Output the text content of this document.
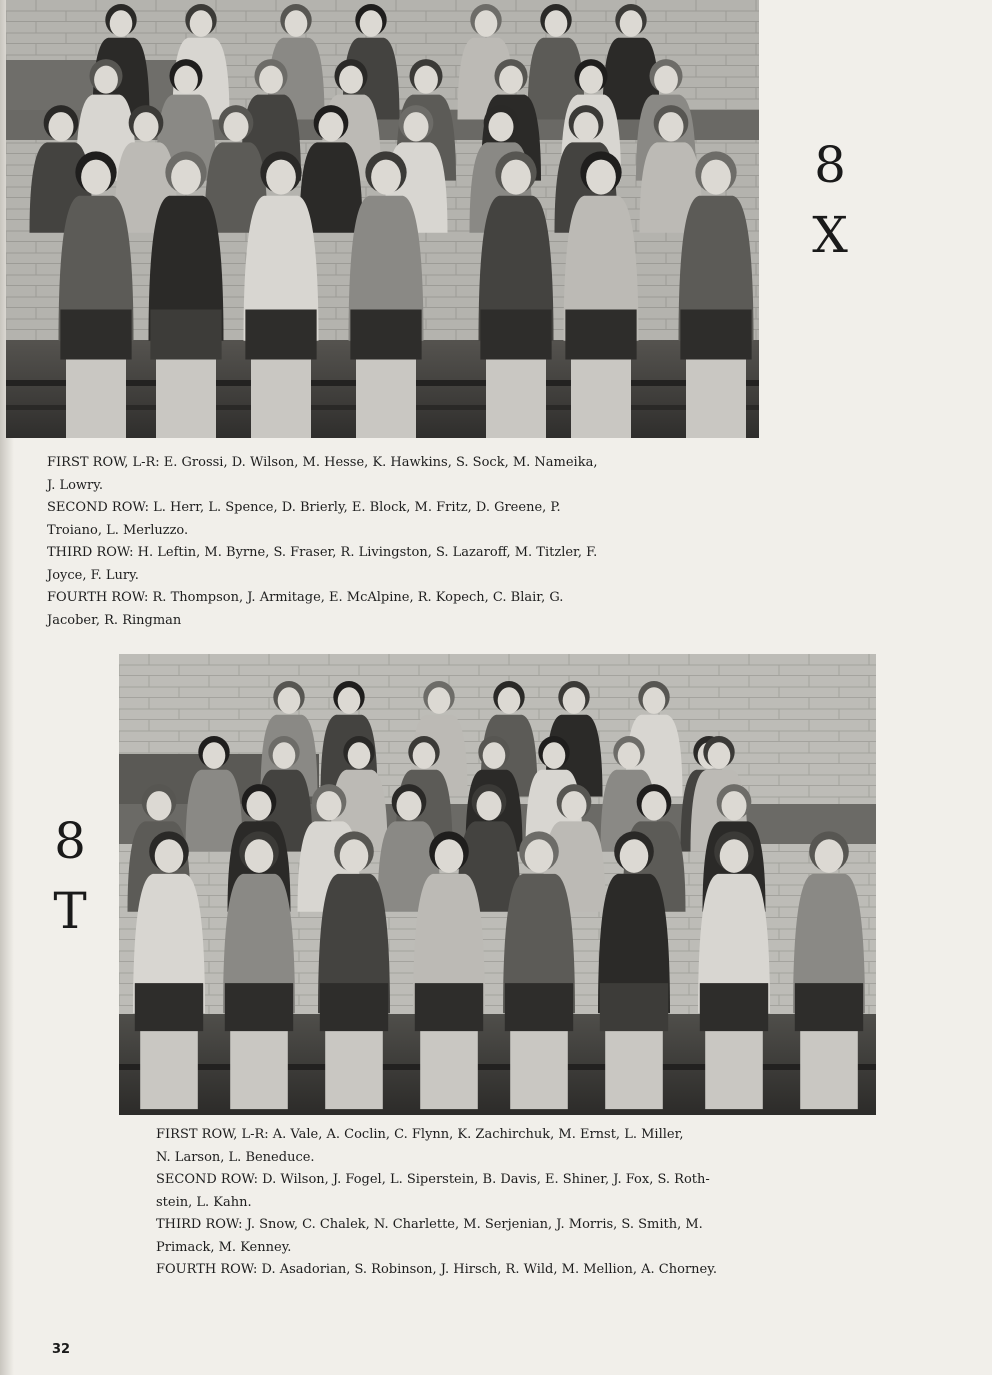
8
X

FIRST ROW, L-R: E. Grossi, D. Wilson, M. Hesse, K. Hawkins, S. Sock, M. Nameika,

J. Lowry.

SECOND ROW: L. Herr, L. Spence, D. Brierly, E. Block, M. Fritz, D. Greene, P.

Troiano, L. Merluzzo.

THIRD ROW: H. Leftin, M. Byrne, S. Fraser, R. Livingston, S. Lazaroff, M. Titzler, F.

Joyce, F. Lury.

FOURTH ROW: R. Thompson, J. Armitage, E. McAlpine, R. Kopech, C. Blair, G.

Jacober, R. Ringman

8
T

FIRST ROW, L-R: A. Vale, A. Coclin, C. Flynn, K. Zachirchuk, M. Ernst, L. Miller,

N. Larson, L. Beneduce.

SECOND ROW: D. Wilson, J. Fogel, L. Siperstein, B. Davis, E. Shiner, J. Fox, S. Roth-

stein, L. Kahn.

THIRD ROW: J. Snow, C. Chalek, N. Charlette, M. Serjenian, J. Morris, S. Smith, M.

Primack, M. Kenney.

FOURTH ROW: D. Asadorian, S. Robinson, J. Hirsch, R. Wild, M. Mellion, A. Chorney.

32
